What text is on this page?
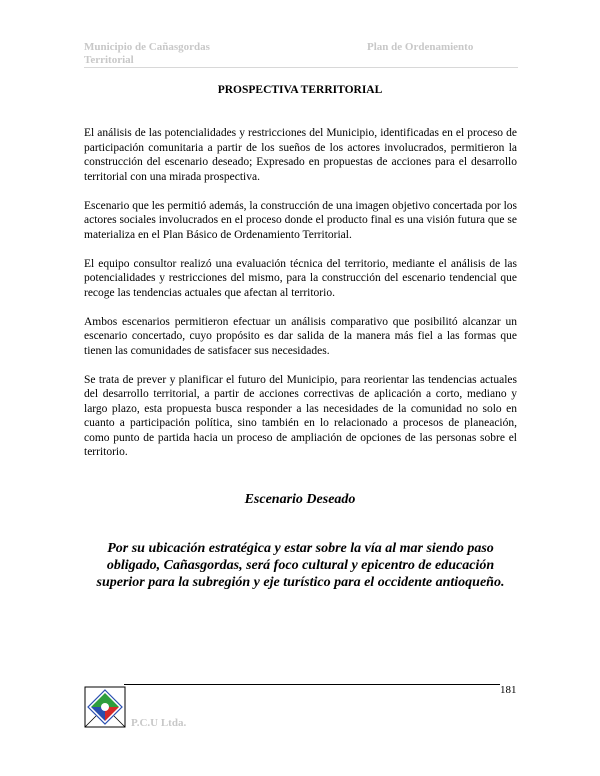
Municipio de Cañasgordas
Territorial
Plan de Ordenamiento
PROSPECTIVA TERRITORIAL

El análisis de las potencialidades y restricciones del Municipio, identificadas en el proceso de participación comunitaria a partir de los sueños de los actores involucrados, permitieron la construcción del escenario deseado; Expresado en propuestas de acciones para el desarrollo territorial con una mirada prospectiva.

Escenario que les permitió además, la construcción de una imagen objetivo concertada por los actores sociales involucrados en el proceso donde el producto final es una visión futura que se materializa en el Plan Básico de Ordenamiento Territorial.

El equipo consultor realizó una evaluación técnica del territorio, mediante el análisis de las potencialidades y restricciones del mismo, para la construcción del escenario tendencial que recoge las tendencias actuales que afectan al territorio.

Ambos escenarios permitieron efectuar un análisis comparativo que posibilitó alcanzar un escenario concertado, cuyo propósito es dar salida de la manera más fiel a las formas que tienen las comunidades de satisfacer sus necesidades.

Se trata de prever y planificar el futuro del Municipio, para reorientar las tendencias actuales del desarrollo territorial, a partir de acciones correctivas de aplicación a corto, mediano y largo plazo, esta propuesta busca responder a las necesidades de la comunidad no solo en cuanto a participación política, sino también en lo relacionado a procesos de planeación, como punto de partida hacia un proceso de ampliación de opciones de las personas sobre el territorio.

Escenario Deseado
Por su ubicación estratégica y estar sobre la vía al mar siendo paso obligado, Cañasgordas, será foco cultural y epicentro de educación superior para la subregión y eje turístico para el occidente antioqueño.
181
P.C.U Ltda.
